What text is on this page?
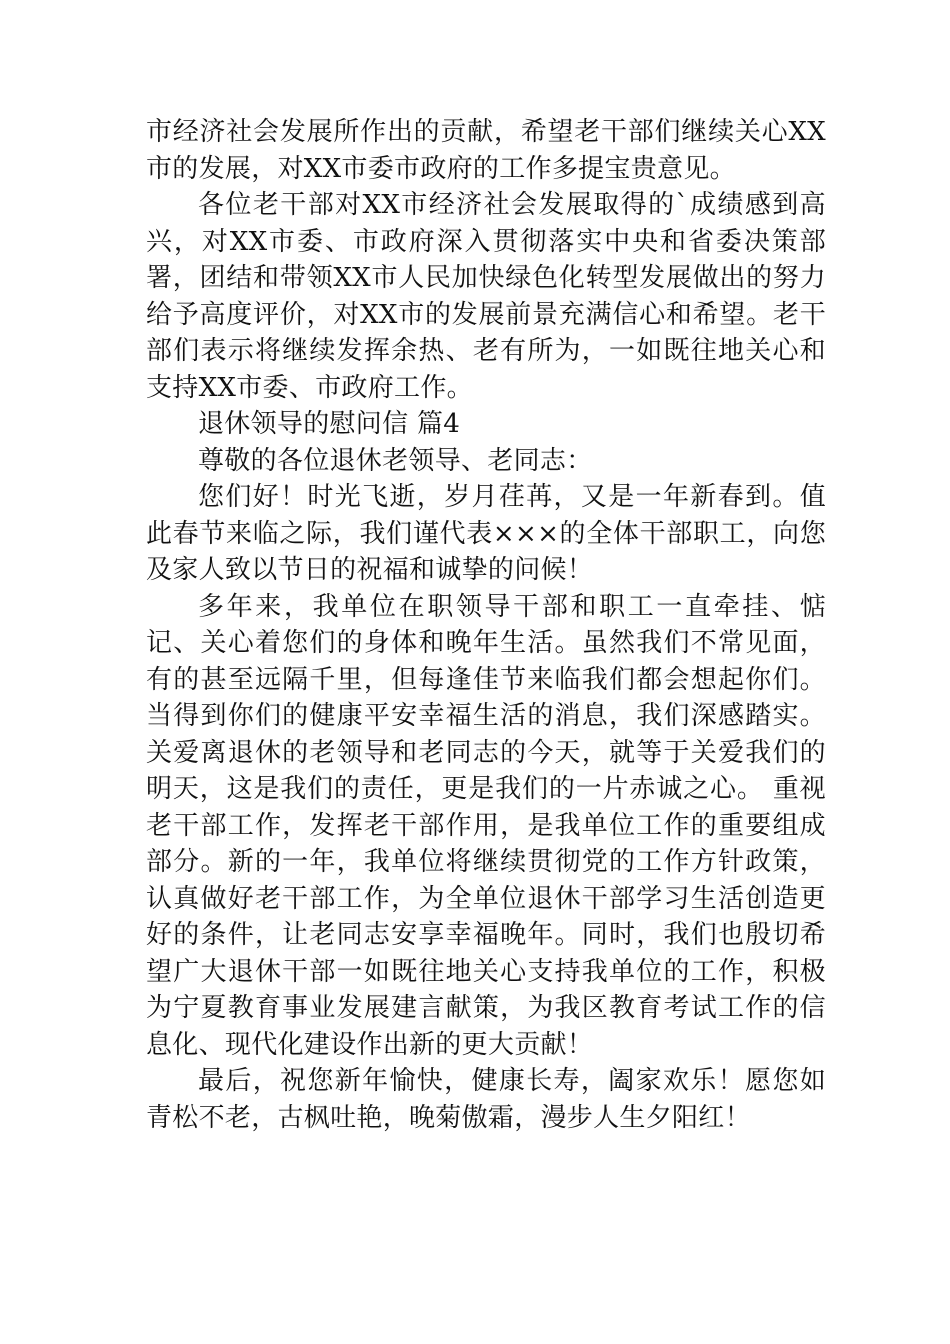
市经济社会发展所作出的贡献，希望老干部们继续关心XX市的发展，对XX市委市政府的工作多提宝贵意见。

各位老干部对XX市经济社会发展取得的`成绩感到高兴，对XX市委、市政府深入贯彻落实中央和省委决策部署，团结和带领XX市人民加快绿色化转型发展做出的努力给予高度评价，对XX市的发展前景充满信心和希望。老干部们表示将继续发挥余热、老有所为，一如既往地关心和支持XX市委、市政府工作。

退休领导的慰问信 篇4

尊敬的各位退休老领导、老同志：

您们好！时光飞逝，岁月荏苒，又是一年新春到。值此春节来临之际，我们谨代表×××的全体干部职工，向您及家人致以节日的祝福和诚挚的问候！

多年来，我单位在职领导干部和职工一直牵挂、惦记、关心着您们的身体和晚年生活。虽然我们不常见面，有的甚至远隔千里，但每逢佳节来临我们都会想起你们。当得到你们的健康平安幸福生活的消息，我们深感踏实。关爱离退休的老领导和老同志的今天，就等于关爱我们的明天，这是我们的责任，更是我们的一片赤诚之心。 重视老干部工作，发挥老干部作用，是我单位工作的重要组成部分。新的一年，我单位将继续贯彻党的工作方针政策，认真做好老干部工作，为全单位退休干部学习生活创造更好的条件，让老同志安享幸福晚年。同时，我们也殷切希望广大退休干部一如既往地关心支持我单位的工作，积极为宁夏教育事业发展建言献策，为我区教育考试工作的信息化、现代化建设作出新的更大贡献！

最后，祝您新年愉快，健康长寿，阖家欢乐！愿您如青松不老，古枫吐艳，晚菊傲霜，漫步人生夕阳红！
